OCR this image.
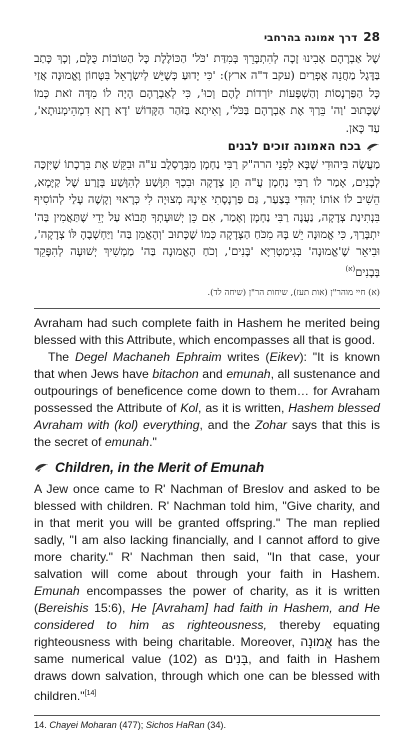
דרך אמונה בהרחבי 28

שֶׁל אַבְרָהָם אָבִינוּ זָכָה לְהִתְבָּרֵךְ בְּמִדַּת 'כֹּל' הַכּוֹלֶלֶת כָּל הַטּוֹבוֹת כֻּלָּם, וְכָךְ כָּתַב בַּדֶּגֶל מַחֲנֵה אֶפְרַיִם (עקב ד"ה ארץ): 'כִּי יָדוּעַ כְּשֶׁיֵּשׁ לְיִשְׂרָאֵל בִּטָּחוֹן וֶאֱמוּנָה אֲזַי כָּל הַפַּרְנָסוֹת וְהַשְׁפָּעוֹת יוֹרְדוֹת לָהֶם וְכוּ', כִּי לְאַבְרָהָם הָיָה לוֹ מִדָּה זֹאת כְּמוֹ שֶׁכָּתוּב 'וַה' בֵּרַךְ אֶת אַבְרָהָם בַּכֹּל', וְאִיתָא בַּזֹּהַר הַקָּדוֹשׁ 'דָא רָזָא דִמְהֵימְנוּתָא', עַד כָּאן.

בכח האמונה זוכים לבנים

מַעֲשֶׂה בִּיהוּדִי שֶׁבָּא לִפְנֵי הרה"ק רַבִּי נַחְמָן מִבְּרֶסְלֶב ע"ה וּבִקֵּשׁ אֶת בִּרְכָתוֹ שֶׁיִּזְכֶּה לְבָנִים, אָמַר לוֹ רַבִּי נַחְמָן עֲ"ה תֵּן צְדָקָה וּבִכְךָ תִּוָּשַׁע לְהִוָּשַׁע בְּזֶרַע שֶׁל קַיָּמָא, הֵשִׁיב לוֹ אוֹתוֹ יְהוּדִי בְּצַעַר, גַּם פַּרְנָסָתִי אֵינָהּ מְצוּיָה לִי כְּרָאוּי וְקָשֶׁה עָלַי לְהוֹסִיף בִּנְתִינַת צְדָקָה, נַעֲנָה רַבִּי נַחְמָן וְאָמַר, אִם כֵּן יְשׁוּעָתְךָ תָּבוֹא עַל יְדֵי שֶׁתַּאֲמִין בַּה' יִתְבָּרַךְ, כִּי אֱמוּנָה יֵשׁ בָּהּ מִכֹּחַ הַצְּדָקָה כְּמוֹ שֶׁכָּתוּב 'וְהֶאֱמִן בַּה' וַיַּחְשְׁבֶהָ לּוֹ צְדָקָה', וּבִיאֵר שֶׁ'אֱמוּנָה' בְּגִימַטְרִיָּא 'בָּנִים', וְכֹחַ הָאֱמוּנָה בַּה' מַמְשִׁיךְ יְשׁוּעָה לְהִפָּקֵד בְּבָנִים$^{(א)}$

(א) חיי מוהר"ן (אות תעז), שיחות הר"ן (שיחה לד).

Avraham had such complete faith in Hashem he merited being blessed with this Attribute, which encompasses all that is good.

The Degel Machaneh Ephraim writes (Eikev): "It is known that when Jews have bitachon and emunah, all sustenance and outpourings of beneficence come down to them… for Avraham possessed the Attribute of Kol, as it is written, Hashem blessed Avraham with (kol) everything, and the Zohar says that this is the secret of emunah."

Children, in the Merit of Emunah

A Jew once came to R' Nachman of Breslov and asked to be blessed with children. R' Nachman told him, "Give charity, and in that merit you will be granted offspring." The man replied sadly, "I am also lacking financially, and I cannot afford to give more charity." R' Nachman then said, "In that case, your salvation will come about through your faith in Hashem. Emunah encompasses the power of charity, as it is written (Bereishis 15:6), He [Avraham] had faith in Hashem, and He considered to him as righteousness, thereby equating righteousness with being charitable. Moreover, אֱמוּנָה has the same numerical value (102) as בָּנִים, and faith in Hashem draws down salvation, through which one can be blessed with children."[14]

14. Chayei Moharan (477); Sichos HaRan (34).
